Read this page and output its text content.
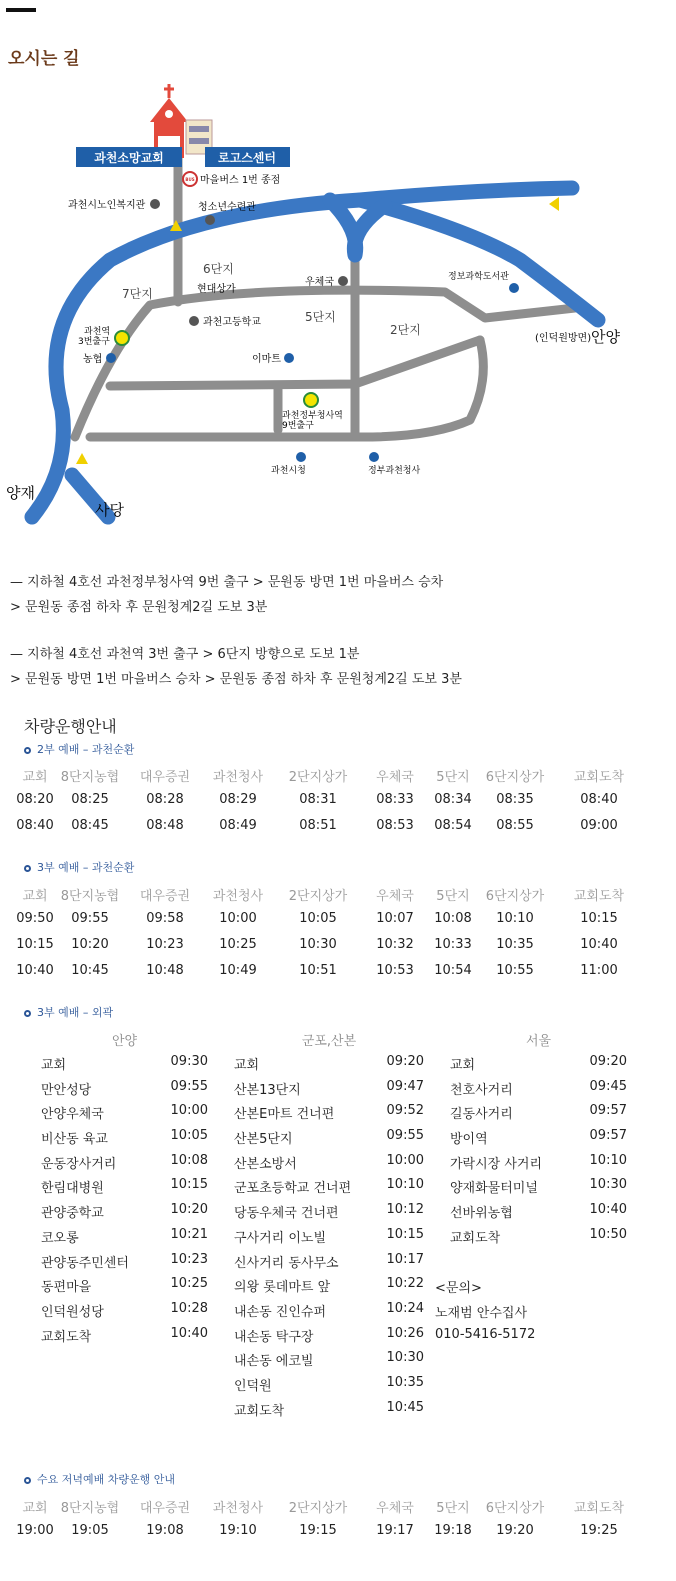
오시는 길
과천소망교회	로고스센터
BUS 마을버스 1번 종점
과천시노인복지관	청소년수련관
6단지
현대상가
7단지
5단지
2단지
우체국	정보과학도서관
과천고등학교
과천역
3번출구
농협	이마트
과천정부청사역
9번출구
과천시청	정부과천청사
(인덕원방면) 안양
양재
사당
— 지하철 4호선 과천정부청사역 9번 출구 > 문원동 방면 1번 마을버스 승차
> 문원동 종점 하차 후 문원청계2길 도보 3분
— 지하철 4호선 과천역 3번 출구 > 6단지 방향으로 도보 1분
> 문원동 방면 1번 마을버스 승차 > 문원동 종점 하차 후 문원청계2길 도보 3분
차량운행안내
2부 예배 – 과천순환
교회	8단지농협	대우증권	과천청사	2단지상가	우체국	5단지	6단지상가	교회도착
08:20	08:25	08:28	08:29	08:31	08:33	08:34	08:35	08:40
08:40	08:45	08:48	08:49	08:51	08:53	08:54	08:55	09:00
3부 예배 – 과천순환
교회	8단지농협	대우증권	과천청사	2단지상가	우체국	5단지	6단지상가	교회도착
09:50	09:55	09:58	10:00	10:05	10:07	10:08	10:10	10:15
10:15	10:20	10:23	10:25	10:30	10:32	10:33	10:35	10:40
10:40	10:45	10:48	10:49	10:51	10:53	10:54	10:55	11:00
3부 예배 – 외곽
안양
교회	09:30
만안성당	09:55
안양우체국	10:00
비산동 육교	10:05
운동장사거리	10:08
한림대병원	10:15
관양중학교	10:20
코오롱	10:21
관양동주민센터	10:23
동편마을	10:25
인덕원성당	10:28
교회도착	10:40
군포,산본
교회	09:20
산본13단지	09:47
산본E마트 건너편	09:52
산본5단지	09:55
산본소방서	10:00
군포초등학교 건너편	10:10
당동우체국 건너편	10:12
구사거리 이노빌	10:15
신사거리 동사무소	10:17
의왕 롯데마트 앞	10:22
내손동 진인슈퍼	10:24
내손동 탁구장	10:26
내손동 에코빌	10:30
인덕원	10:35
교회도착	10:45
서울
교회	09:20
천호사거리	09:45
길동사거리	09:57
방이역	09:57
가락시장 사거리	10:10
양재화물터미널	10:30
선바위농협	10:40
교회도착	10:50
<문의>
노재범 안수집사
010-5416-5172
수요 저녁예배 차량운행 안내
교회	8단지농협	대우증권	과천청사	2단지상가	우체국	5단지	6단지상가	교회도착
19:00	19:05	19:08	19:10	19:15	19:17	19:18	19:20	19:25
